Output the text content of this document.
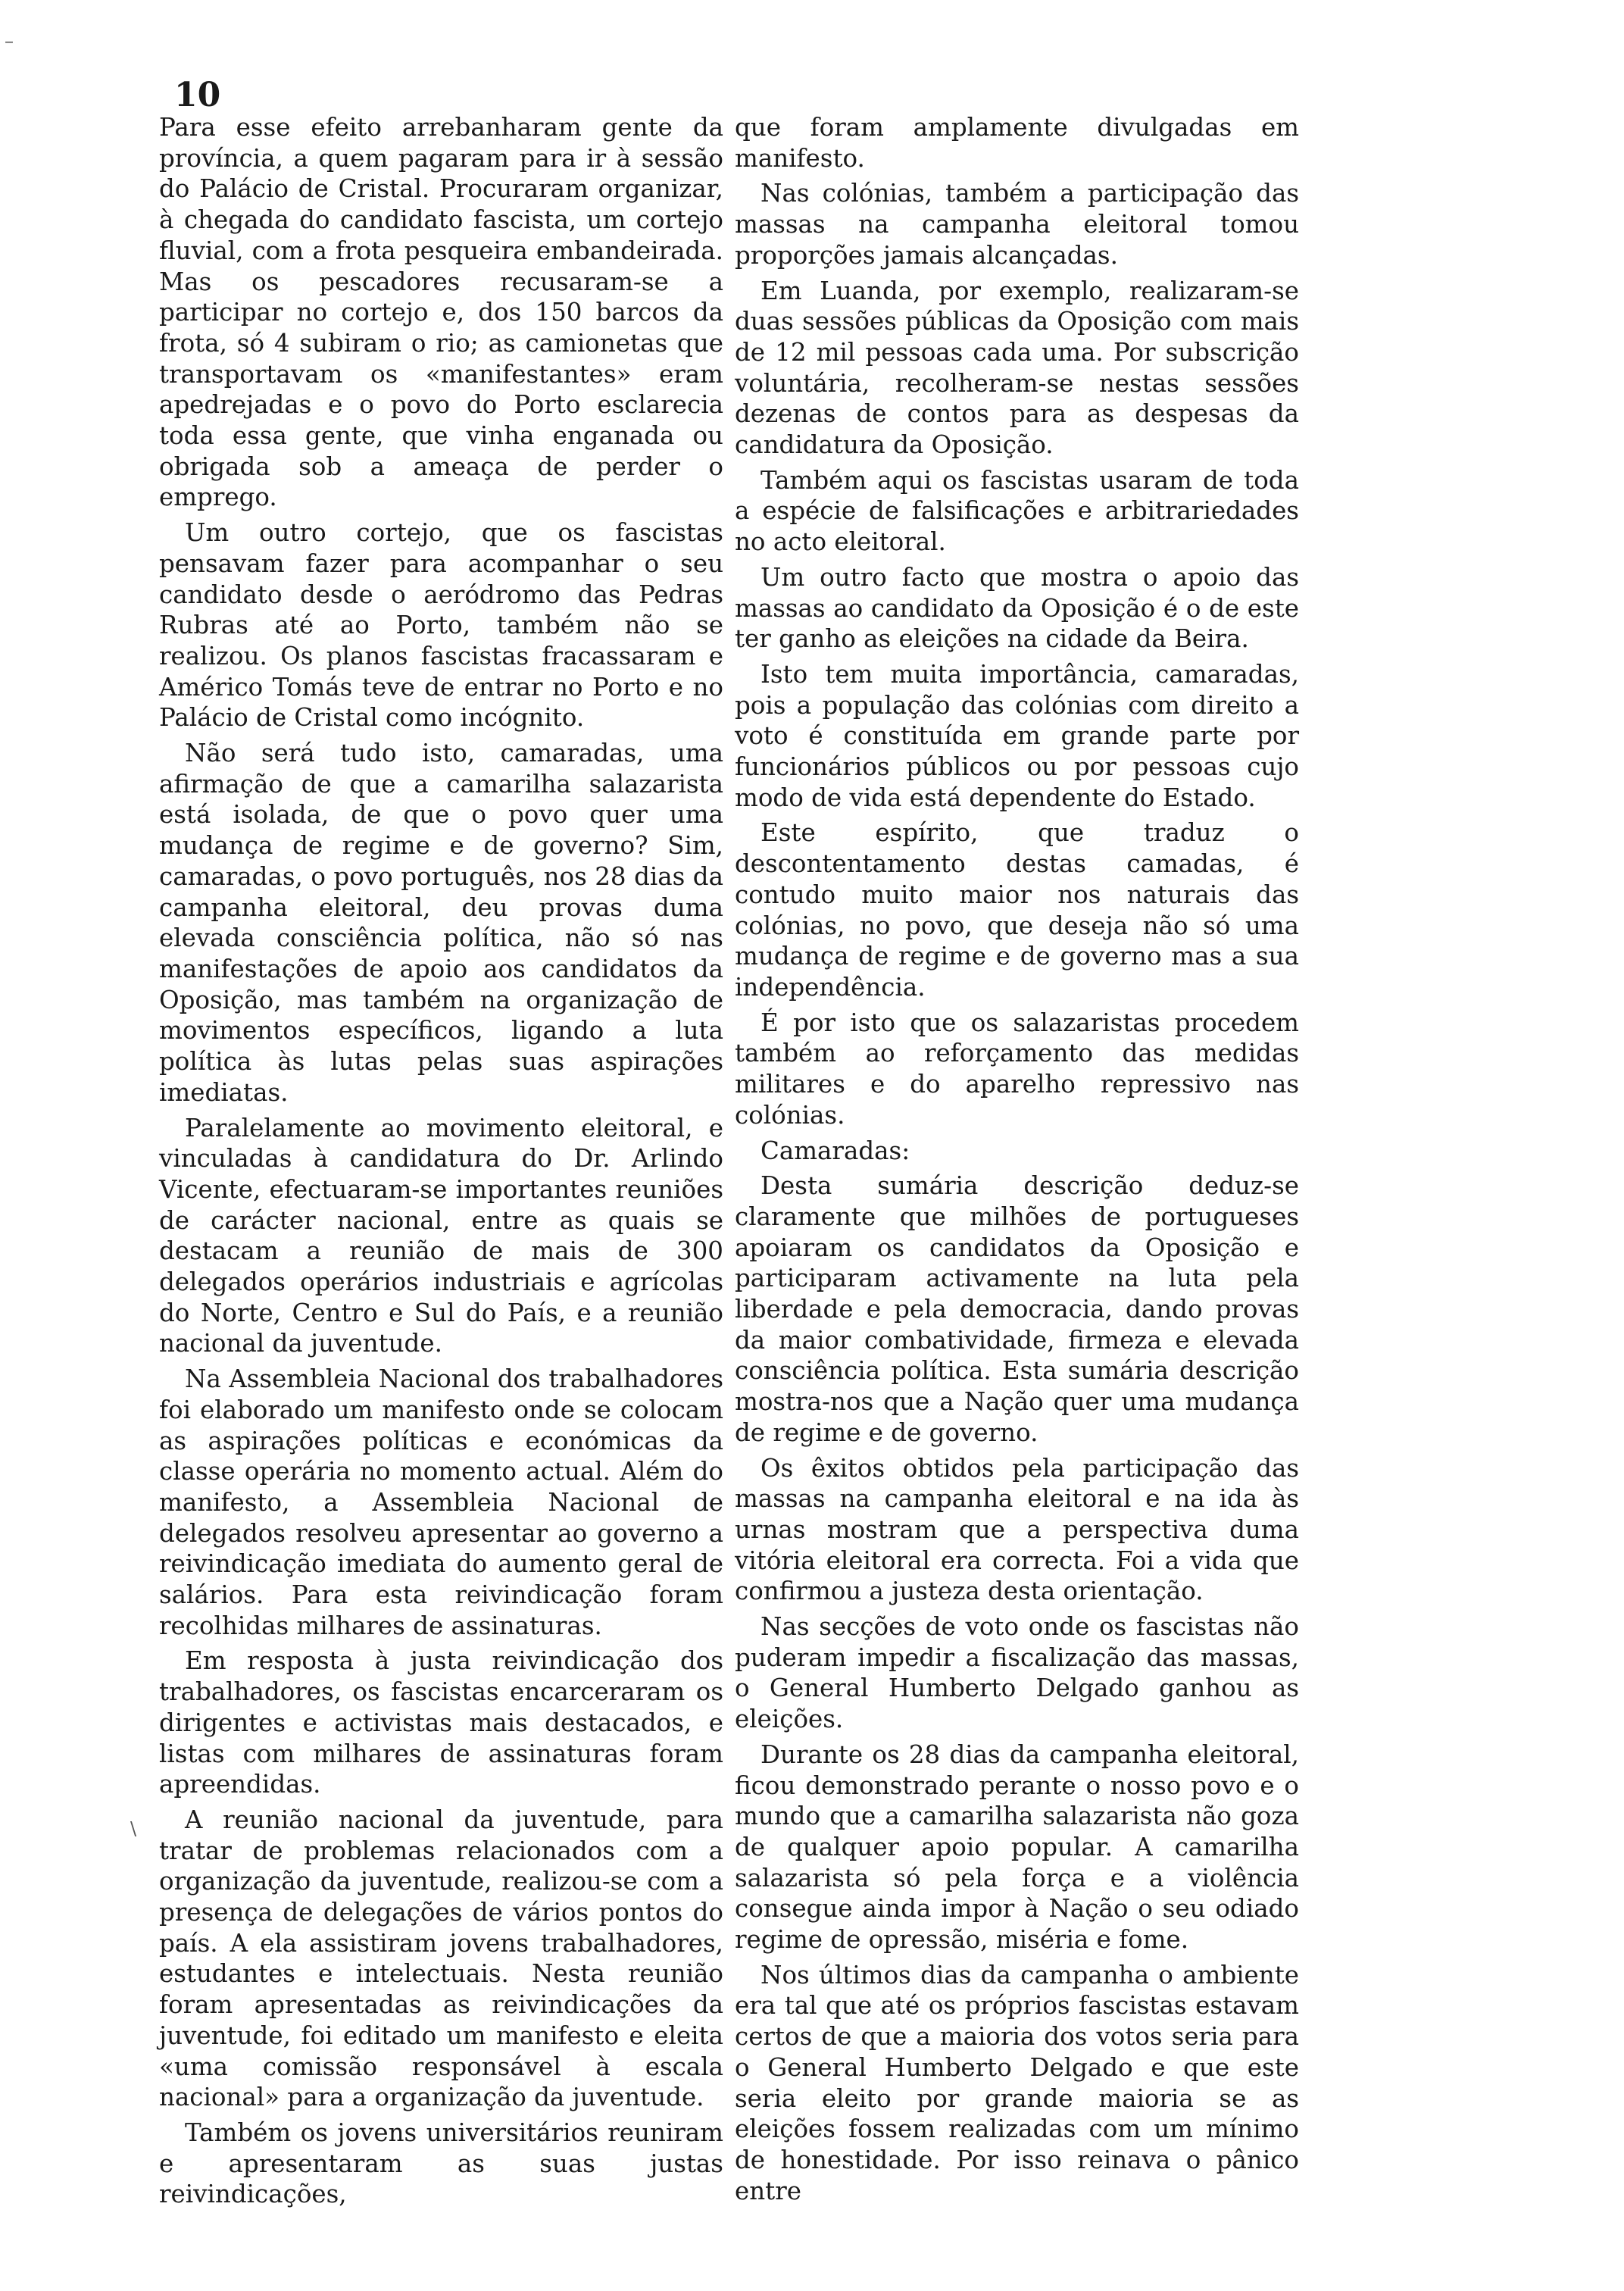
10

Para esse efeito arrebanharam gente da província, a quem pagaram para ir à sessão do Palácio de Cristal. Procuraram organizar, à chegada do candidato fascista, um cortejo fluvial, com a frota pesqueira embandeirada. Mas os pescadores recusaram-se a participar no cortejo e, dos 150 barcos da frota, só 4 subiram o rio; as camionetas que transportavam os «manifestantes» eram apedrejadas e o povo do Porto esclarecia toda essa gente, que vinha enganada ou obrigada sob a ameaça de perder o emprego.

Um outro cortejo, que os fascistas pensavam fazer para acompanhar o seu candidato desde o aeródromo das Pedras Rubras até ao Porto, também não se realizou. Os planos fascistas fracassaram e Américo Tomás teve de entrar no Porto e no Palácio de Cristal como incógnito.

Não será tudo isto, camaradas, uma afirmação de que a camarilha salazarista está isolada, de que o povo quer uma mudança de regime e de governo? Sim, camaradas, o povo português, nos 28 dias da campanha eleitoral, deu provas duma elevada consciência política, não só nas manifestações de apoio aos candidatos da Oposição, mas também na organização de movimentos específicos, ligando a luta política às lutas pelas suas aspirações imediatas.

Paralelamente ao movimento eleitoral, e vinculadas à candidatura do Dr. Arlindo Vicente, efectuaram-se importantes reuniões de carácter nacional, entre as quais se destacam a reunião de mais de 300 delegados operários industriais e agrícolas do Norte, Centro e Sul do País, e a reunião nacional da juventude.

Na Assembleia Nacional dos trabalhadores foi elaborado um manifesto onde se colocam as aspirações políticas e económicas da classe operária no momento actual. Além do manifesto, a Assembleia Nacional de delegados resolveu apresentar ao governo a reivindicação imediata do aumento geral de salários. Para esta reivindicação foram recolhidas milhares de assinaturas.

Em resposta à justa reivindicação dos trabalhadores, os fascistas encarceraram os dirigentes e activistas mais destacados, e listas com milhares de assinaturas foram apreendidas.

A reunião nacional da juventude, para tratar de problemas relacionados com a organização da juventude, realizou-se com a presença de delegações de vários pontos do país. A ela assistiram jovens trabalhadores, estudantes e intelectuais. Nesta reunião foram apresentadas as reivindicações da juventude, foi editado um manifesto e eleita «uma comissão responsável à escala nacional» para a organização da juventude.

Também os jovens universitários reuniram e apresentaram as suas justas reivindicações,

que foram amplamente divulgadas em manifesto.

Nas colónias, também a participação das massas na campanha eleitoral tomou proporções jamais alcançadas.

Em Luanda, por exemplo, realizaram-se duas sessões públicas da Oposição com mais de 12 mil pessoas cada uma. Por subscrição voluntária, recolheram-se nestas sessões dezenas de contos para as despesas da candidatura da Oposição.

Também aqui os fascistas usaram de toda a espécie de falsificações e arbitrariedades no acto eleitoral.

Um outro facto que mostra o apoio das massas ao candidato da Oposição é o de este ter ganho as eleições na cidade da Beira.

Isto tem muita importância, camaradas, pois a população das colónias com direito a voto é constituída em grande parte por funcionários públicos ou por pessoas cujo modo de vida está dependente do Estado.

Este espírito, que traduz o descontentamento destas camadas, é contudo muito maior nos naturais das colónias, no povo, que deseja não só uma mudança de regime e de governo mas a sua independência.

É por isto que os salazaristas procedem também ao reforçamento das medidas militares e do aparelho repressivo nas colónias.

Camaradas:

Desta sumária descrição deduz-se claramente que milhões de portugueses apoiaram os candidatos da Oposição e participaram activamente na luta pela liberdade e pela democracia, dando provas da maior combatividade, firmeza e elevada consciência política. Esta sumária descrição mostra-nos que a Nação quer uma mudança de regime e de governo.

Os êxitos obtidos pela participação das massas na campanha eleitoral e na ida às urnas mostram que a perspectiva duma vitória eleitoral era correcta. Foi a vida que confirmou a justeza desta orientação.

Nas secções de voto onde os fascistas não puderam impedir a fiscalização das massas, o General Humberto Delgado ganhou as eleições.

Durante os 28 dias da campanha eleitoral, ficou demonstrado perante o nosso povo e o mundo que a camarilha salazarista não goza de qualquer apoio popular. A camarilha salazarista só pela força e a violência consegue ainda impor à Nação o seu odiado regime de opressão, miséria e fome.

Nos últimos dias da campanha o ambiente era tal que até os próprios fascistas estavam certos de que a maioria dos votos seria para o General Humberto Delgado e que este seria eleito por grande maioria se as eleições fossem realizadas com um mínimo de honestidade. Por isso reinava o pânico entre

–
\
